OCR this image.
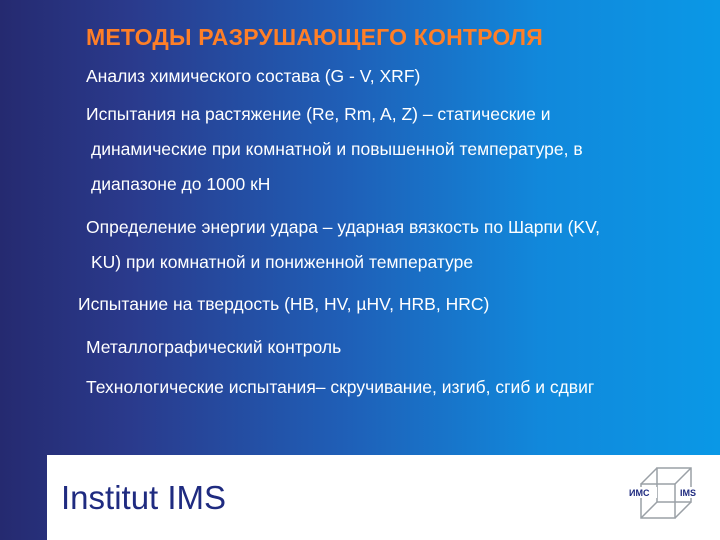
МЕТОДЫ РАЗРУШАЮЩЕГО КОНТРОЛЯ
Анализ химического состава (G - V, XRF)
Испытания на растяжение (Re, Rm, A, Z) – статические и
динамические при комнатной и повышенной температуре, в
диапазоне до 1000 кН
Определение энергии удара – ударная вязкость по Шарпи (KV,
KU) при комнатной и пониженной температуре
Испытание на твердость (HB, HV, µHV, HRB, HRC)
Металлографический контроль
Технологические испытания– скручивание, изгиб, сгиб и сдвиг
Institut IMS	ИМС	IMS
